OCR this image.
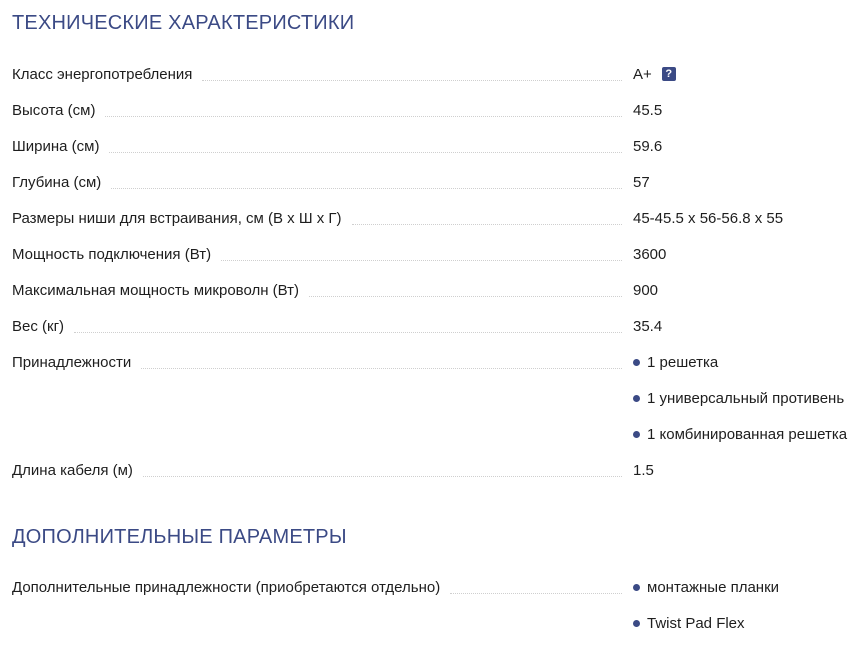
ТЕХНИЧЕСКИЕ ХАРАКТЕРИСТИКИ
Класс энергопотребления	A+	?
Высота (см)	45.5
Ширина (см)	59.6
Глубина (см)	57
Размеры ниши для встраивания, см (В x Ш x Г)	45-45.5 x 56-56.8 x 55
Мощность подключения (Вт)	3600
Максимальная мощность микроволн (Вт)	900
Вес (кг)	35.4
Принадлежности	1 решетка
1 универсальный противень
1 комбинированная решетка
Длина кабеля (м)	1.5
ДОПОЛНИТЕЛЬНЫЕ ПАРАМЕТРЫ
Дополнительные принадлежности (приобретаются отдельно)	монтажные планки
Twist Pad Flex
